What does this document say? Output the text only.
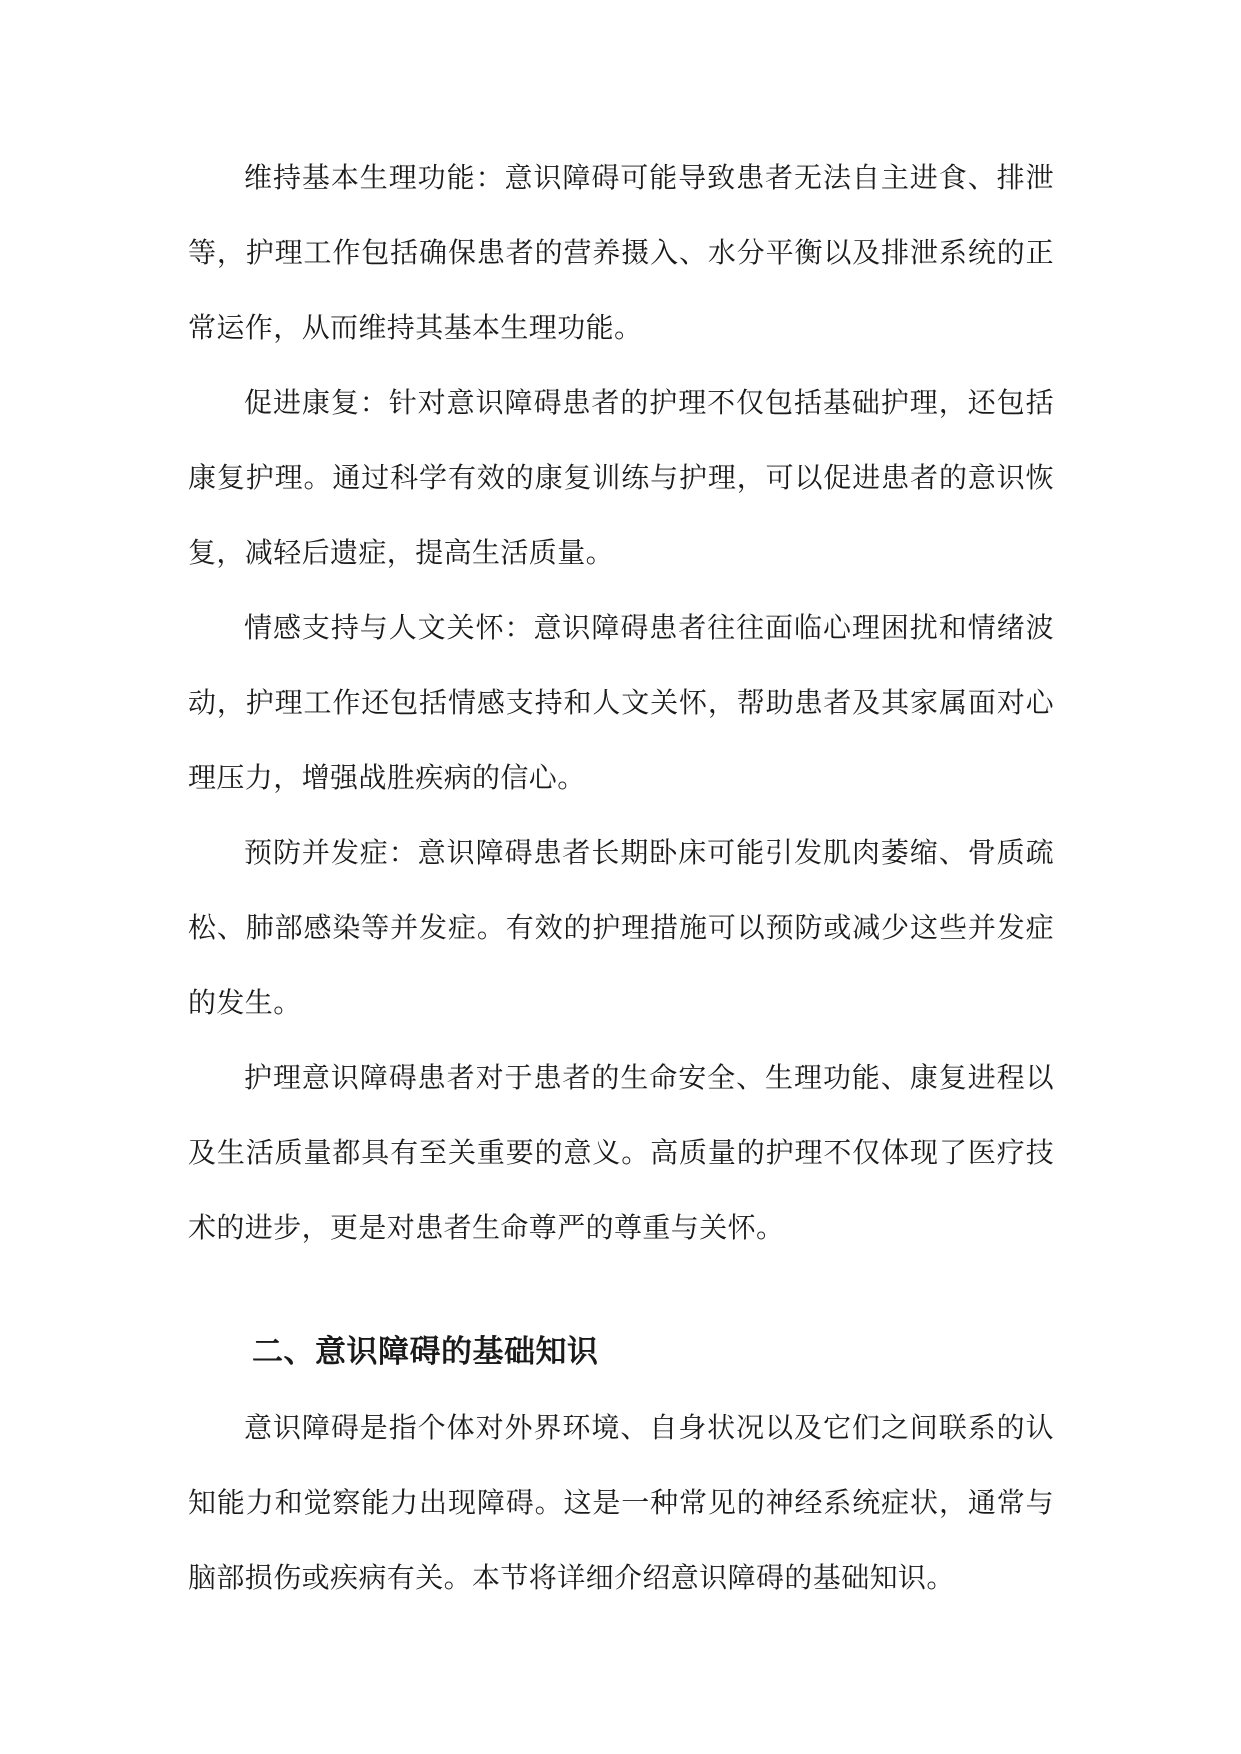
维持基本生理功能：意识障碍可能导致患者无法自主进食、排泄等，护理工作包括确保患者的营养摄入、水分平衡以及排泄系统的正常运作，从而维持其基本生理功能。

促进康复：针对意识障碍患者的护理不仅包括基础护理，还包括康复护理。通过科学有效的康复训练与护理，可以促进患者的意识恢复，减轻后遗症，提高生活质量。

情感支持与人文关怀：意识障碍患者往往面临心理困扰和情绪波动，护理工作还包括情感支持和人文关怀，帮助患者及其家属面对心理压力，增强战胜疾病的信心。

预防并发症：意识障碍患者长期卧床可能引发肌肉萎缩、骨质疏松、肺部感染等并发症。有效的护理措施可以预防或减少这些并发症的发生。

护理意识障碍患者对于患者的生命安全、生理功能、康复进程以及生活质量都具有至关重要的意义。高质量的护理不仅体现了医疗技术的进步，更是对患者生命尊严的尊重与关怀。

二、意识障碍的基础知识

意识障碍是指个体对外界环境、自身状况以及它们之间联系的认知能力和觉察能力出现障碍。这是一种常见的神经系统症状，通常与脑部损伤或疾病有关。本节将详细介绍意识障碍的基础知识。
